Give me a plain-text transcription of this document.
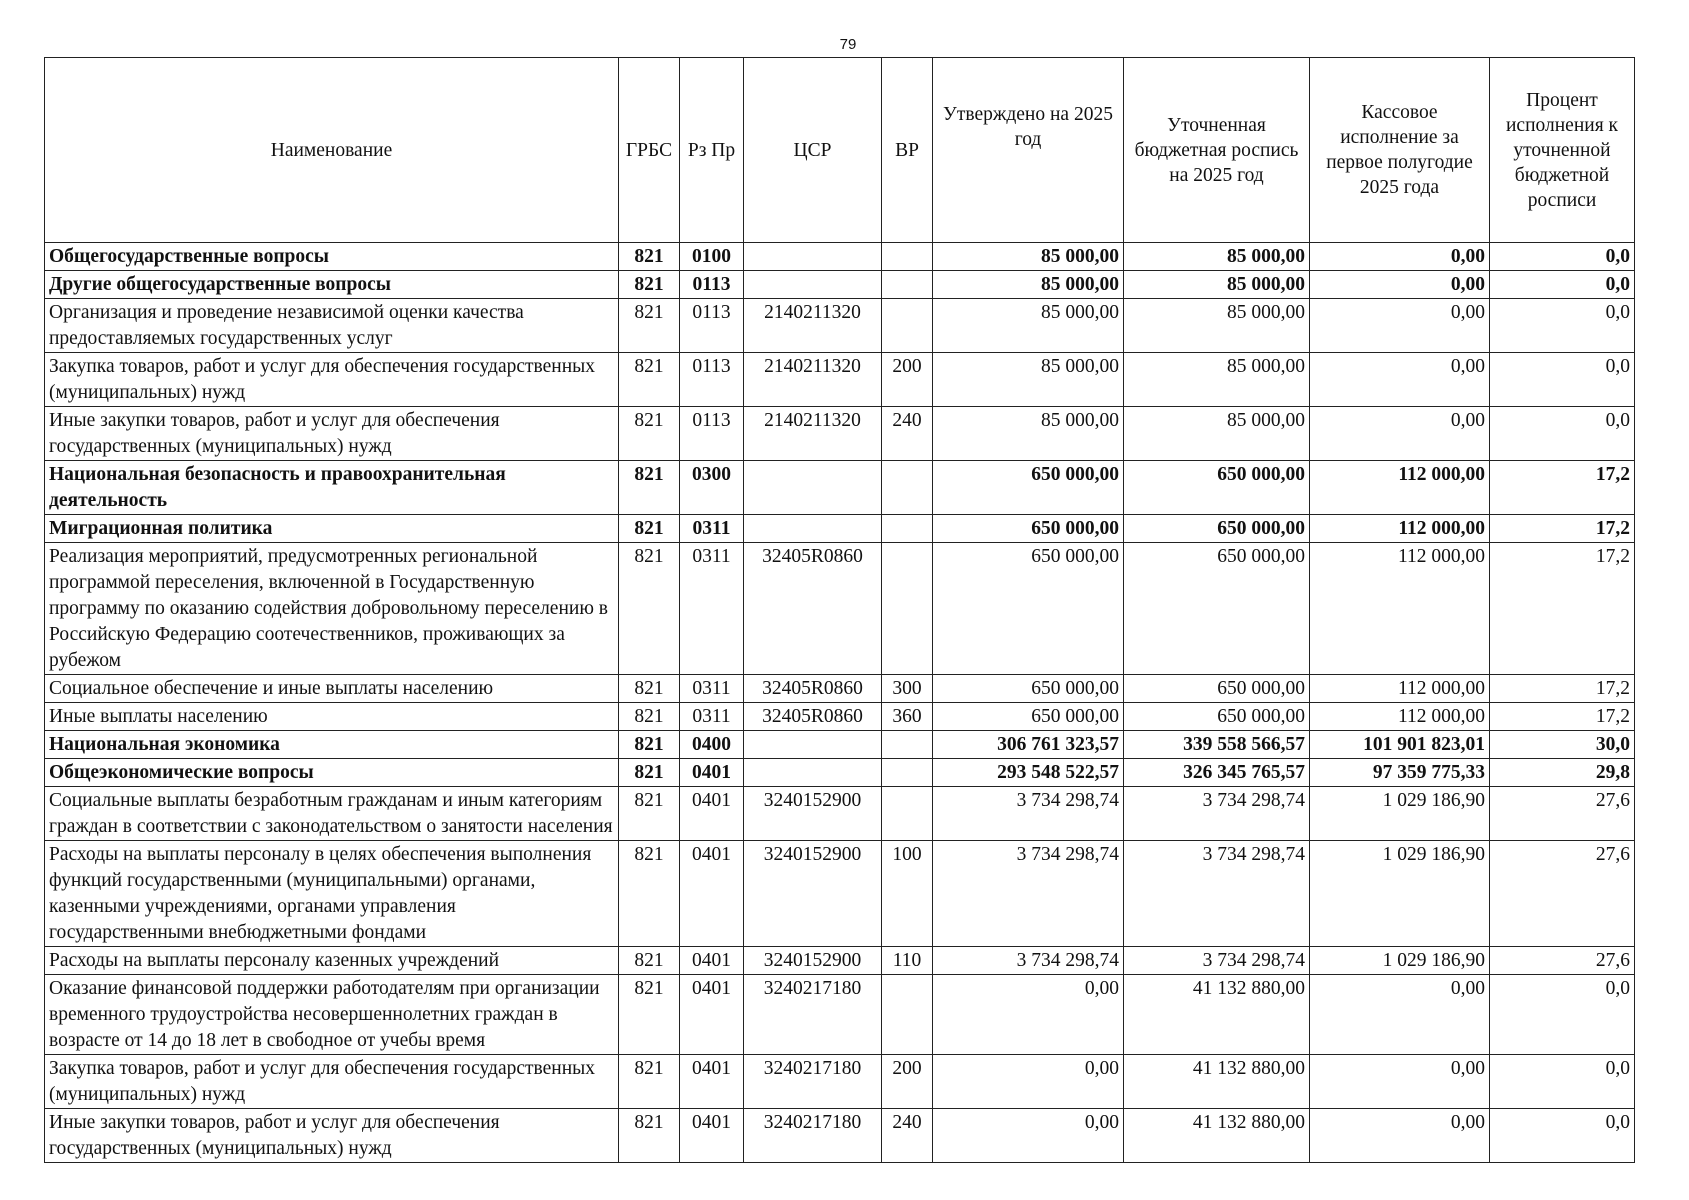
79
Наименование	ГРБС	Рз Пр	ЦСР	ВР	Утверждено на 2025 год	Уточненная бюджетная роспись на 2025 год	Кассовое исполнение за первое полугодие 2025 года	Процент исполнения к уточненной бюджетной росписи
Общегосударственные вопросы	821	0100			85 000,00	85 000,00	0,00	0,0
Другие общегосударственные вопросы	821	0113			85 000,00	85 000,00	0,00	0,0
Организация и проведение независимой оценки качества предоставляемых государственных услуг	821	0113	2140211320		85 000,00	85 000,00	0,00	0,0
Закупка товаров, работ и услуг для обеспечения государственных (муниципальных) нужд	821	0113	2140211320	200	85 000,00	85 000,00	0,00	0,0
Иные закупки товаров, работ и услуг для обеспечения государственных (муниципальных) нужд	821	0113	2140211320	240	85 000,00	85 000,00	0,00	0,0
Национальная безопасность и правоохранительная деятельность	821	0300			650 000,00	650 000,00	112 000,00	17,2
Миграционная политика	821	0311			650 000,00	650 000,00	112 000,00	17,2
Реализация мероприятий, предусмотренных региональной программой переселения, включенной в Государственную программу по оказанию содействия добровольному переселению в Российскую Федерацию соотечественников, проживающих за рубежом	821	0311	32405R0860		650 000,00	650 000,00	112 000,00	17,2
Социальное обеспечение и иные выплаты населению	821	0311	32405R0860	300	650 000,00	650 000,00	112 000,00	17,2
Иные выплаты населению	821	0311	32405R0860	360	650 000,00	650 000,00	112 000,00	17,2
Национальная экономика	821	0400			306 761 323,57	339 558 566,57	101 901 823,01	30,0
Общеэкономические вопросы	821	0401			293 548 522,57	326 345 765,57	97 359 775,33	29,8
Социальные выплаты безработным гражданам и иным категориям граждан в соответствии с законодательством о занятости населения	821	0401	3240152900		3 734 298,74	3 734 298,74	1 029 186,90	27,6
Расходы на выплаты персоналу в целях обеспечения выполнения функций государственными (муниципальными) органами, казенными учреждениями, органами управления государственными внебюджетными фондами	821	0401	3240152900	100	3 734 298,74	3 734 298,74	1 029 186,90	27,6
Расходы на выплаты персоналу казенных учреждений	821	0401	3240152900	110	3 734 298,74	3 734 298,74	1 029 186,90	27,6
Оказание финансовой поддержки работодателям при организации временного трудоустройства несовершеннолетних граждан в возрасте от 14 до 18 лет в свободное от учебы время	821	0401	3240217180		0,00	41 132 880,00	0,00	0,0
Закупка товаров, работ и услуг для обеспечения государственных (муниципальных) нужд	821	0401	3240217180	200	0,00	41 132 880,00	0,00	0,0
Иные закупки товаров, работ и услуг для обеспечения государственных (муниципальных) нужд	821	0401	3240217180	240	0,00	41 132 880,00	0,00	0,0
